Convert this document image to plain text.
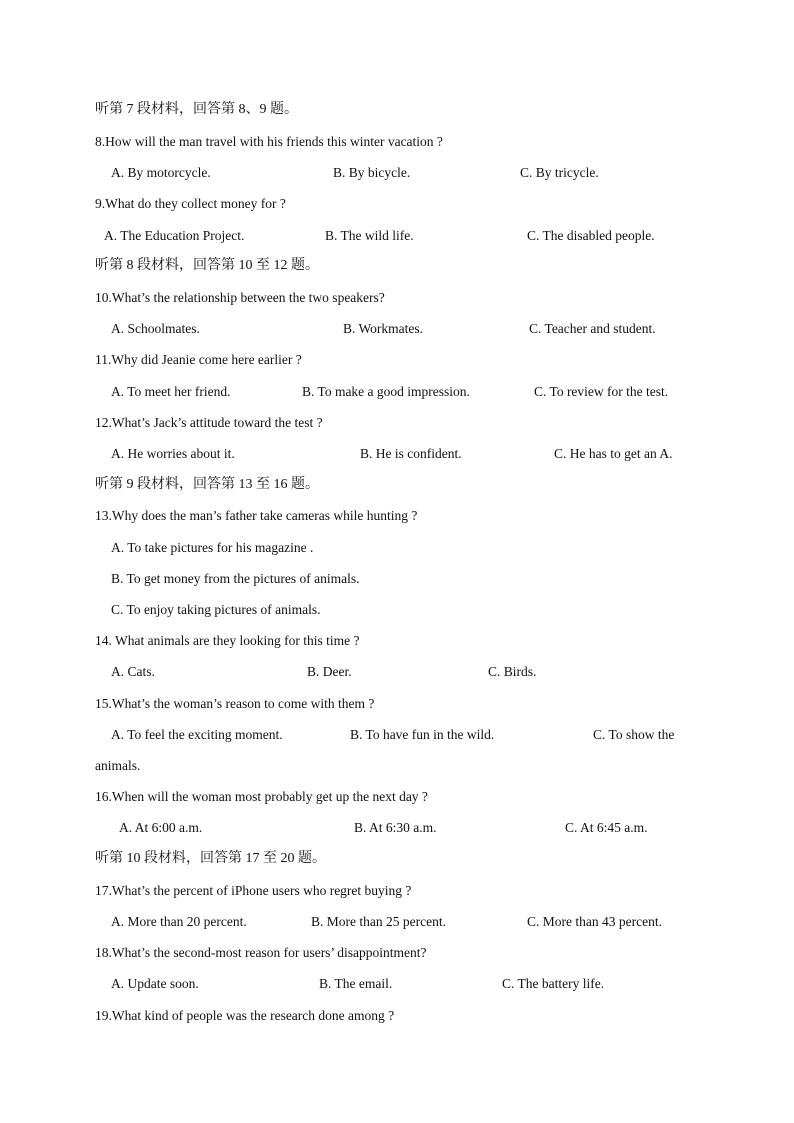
听第 7 段材料，回答第 8、9 题。
8.How will the man travel with his friends this winter vacation ?
A. By motorcycle.	B. By bicycle.	C. By tricycle.
9.What do they collect money for ?
A. The Education Project.	B. The wild life.	C. The disabled people.
听第 8 段材料，回答第 10 至 12 题。
10.What’s the relationship between the two speakers?
A. Schoolmates.	B. Workmates.	C. Teacher and student.
11.Why did Jeanie come here earlier ?
A. To meet her friend.	B. To make a good impression.	C. To review for the test.
12.What’s Jack’s attitude toward the test ?
A. He worries about it.	B. He is confident.	C. He has to get an A.
听第 9 段材料，回答第 13 至 16 题。
13.Why does the man’s father take cameras while hunting ?
A. To take pictures for his magazine .
B. To get money from the pictures of animals.
C. To enjoy taking pictures of animals.
14. What animals are they looking for this time ?
A. Cats.	B. Deer.	C. Birds.
15.What’s the woman’s reason to come with them ?
A. To feel the exciting moment.	B. To have fun in the wild.	C. To show the
animals.
16.When will the woman most probably get up the next day ?
A. At 6:00 a.m.	B. At 6:30 a.m.	C. At 6:45 a.m.
听第 10 段材料，回答第 17 至 20 题。
17.What’s the percent of iPhone users who regret buying ?
A. More than 20 percent.	B. More than 25 percent.	C. More than 43 percent.
18.What’s the second-most reason for users’ disappointment?
A. Update soon.	B. The email.	C. The battery life.
19.What kind of people was the research done among ?
